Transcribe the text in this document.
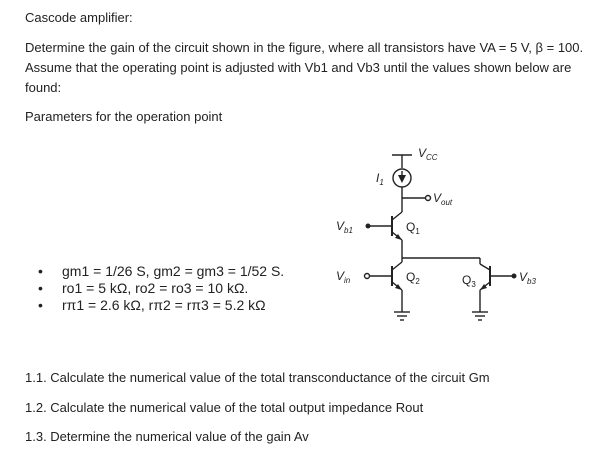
Cascode amplifier:
Determine the gain of the circuit shown in the figure, where all transistors have VA = 5 V, β = 100. Assume that the operating point is adjusted with Vb1 and Vb3 until the values shown below are found:
Parameters for the operation point
• gm1 = 1/26 S, gm2 = gm3 = 1/52 S.
• ro1 = 5 kΩ, ro2 = ro3 = 10 kΩ.
• rπ1 = 2.6 kΩ, rπ2 = rπ3 = 5.2 kΩ
$V_{CC}$
$I_1$
$V_{out}$
$V_{b1}$	$Q_1$
$V_{in}$	$Q_2$	$Q_3$
$V_{b3}$
1.1. Calculate the numerical value of the total transconductance of the circuit Gm
1.2. Calculate the numerical value of the total output impedance Rout
1.3. Determine the numerical value of the gain Av
